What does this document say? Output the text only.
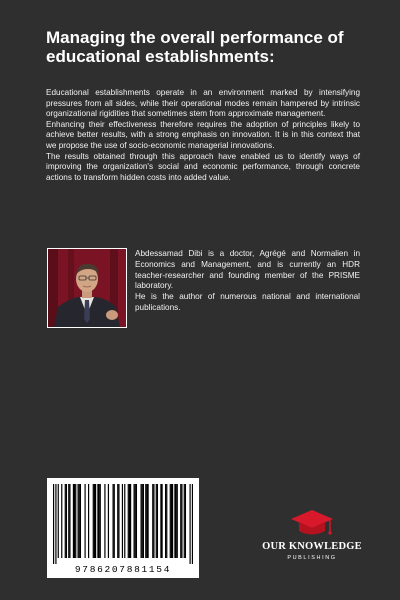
Managing the overall performance of educational establishments:

Educational establishments operate in an environment marked by intensifying pressures from all sides, while their operational modes remain hampered by intrinsic organizational rigidities that sometimes stem from approximate management.

Enhancing their effectiveness therefore requires the adoption of principles likely to achieve better results, with a strong emphasis on innovation. It is in this context that we propose the use of socio-economic managerial innovations.

The results obtained through this approach have enabled us to identify ways of improving the organization's social and economic performance, through concrete actions to transform hidden costs into added value.

Abdessamad Dibi is a doctor, Agrégé and Normalien in Economics and Management, and is currently an HDR teacher-researcher and founding member of the PRISME laboratory.

He is the author of numerous national and international publications.

9786207881154
OUR KNOWLEDGE
PUBLISHING
